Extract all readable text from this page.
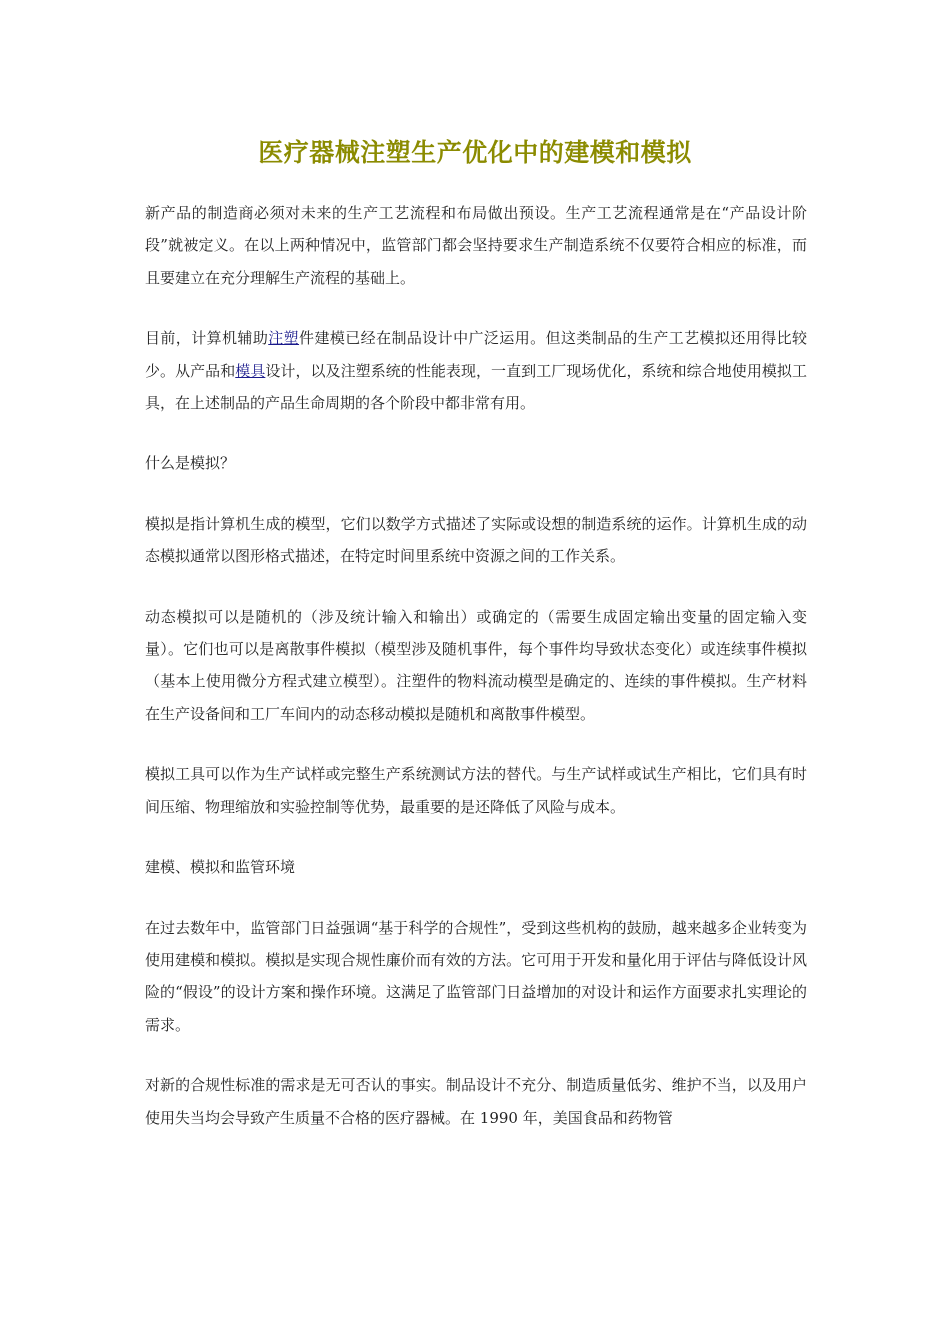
医疗器械注塑生产优化中的建模和模拟

新产品的制造商必须对未来的生产工艺流程和布局做出预设。生产工艺流程通常是在“产品设计阶段”就被定义。在以上两种情况中，监管部门都会坚持要求生产制造系统不仅要符合相应的标准，而且要建立在充分理解生产流程的基础上。

目前，计算机辅助注塑件建模已经在制品设计中广泛运用。但这类制品的生产工艺模拟还用得比较少。从产品和模具设计，以及注塑系统的性能表现，一直到工厂现场优化，系统和综合地使用模拟工具，在上述制品的产品生命周期的各个阶段中都非常有用。

什么是模拟？

模拟是指计算机生成的模型，它们以数学方式描述了实际或设想的制造系统的运作。计算机生成的动态模拟通常以图形格式描述，在特定时间里系统中资源之间的工作关系。

动态模拟可以是随机的（涉及统计输入和输出）或确定的（需要生成固定输出变量的固定输入变量）。它们也可以是离散事件模拟（模型涉及随机事件，每个事件均导致状态变化）或连续事件模拟（基本上使用微分方程式建立模型）。注塑件的物料流动模型是确定的、连续的事件模拟。生产材料在生产设备间和工厂车间内的动态移动模拟是随机和离散事件模型。

模拟工具可以作为生产试样或完整生产系统测试方法的替代。与生产试样或试生产相比，它们具有时间压缩、物理缩放和实验控制等优势，最重要的是还降低了风险与成本。

建模、模拟和监管环境

在过去数年中，监管部门日益强调“基于科学的合规性”，受到这些机构的鼓励，越来越多企业转变为使用建模和模拟。模拟是实现合规性廉价而有效的方法。它可用于开发和量化用于评估与降低设计风险的“假设”的设计方案和操作环境。这满足了监管部门日益增加的对设计和运作方面要求扎实理论的需求。

对新的合规性标准的需求是无可否认的事实。制品设计不充分、制造质量低劣、维护不当，以及用户使用失当均会导致产生质量不合格的医疗器械。在 1990 年，美国食品和药物管
